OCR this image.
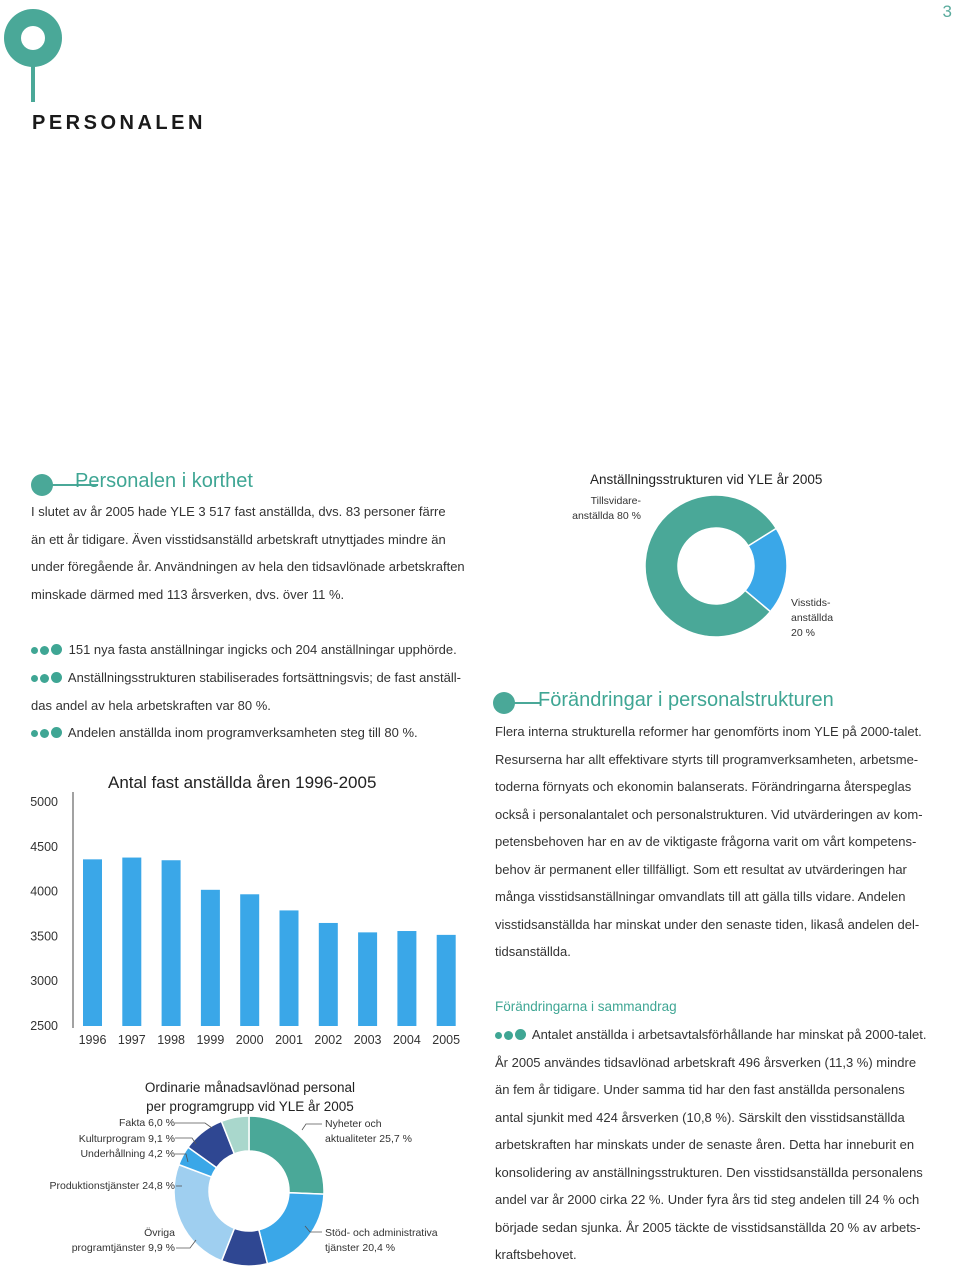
3
PERSONALEN
Personalen i korthet
I slutet av år 2005 hade YLE 3 517 fast anställda, dvs. 83 personer färre
än ett år tidigare. Även visstidsanställd arbetskraft utnyttjades mindre än
under föregående år. Användningen av hela den tidsavlönade arbetskraften
minskade därmed med 113 årsverken, dvs. över 11 %.
151 nya fasta anställningar ingicks och 204 anställningar upphörde.
Anställningsstrukturen stabiliserades fortsättningsvis; de fast anställ-
das andel av hela arbetskraften var 80 %.
Andelen anställda inom programverksamheten steg till 80 %.
Antal fast anställda åren 1996-2005
5000
4500
4000
3500
3000
2500
1996 1997 1998 1999 2000 2001 2002 2003 2004 2005
Anställningsstrukturen vid YLE år 2005
Tillsvidare-
anställda 80 %
Visstids-
anställda
20 %
Ordinarie månadsavlönad personal
per programgrupp vid YLE år 2005
Fakta 6,0 %
Kulturprogram 9,1 %
Underhållning 4,2 %
Produktionstjänster 24,8 %
Övriga
programtjänster 9,9 %
Nyheter och
aktualiteter 25,7 %
Stöd- och administrativa
tjänster 20,4 %
Förändringar i personalstrukturen
Flera interna strukturella reformer har genomförts inom YLE på 2000-talet.
Resurserna har allt effektivare styrts till programverksamheten, arbetsme-
toderna förnyats och ekonomin balanserats. Förändringarna återspeglas
också i personalantalet och personalstrukturen. Vid utvärderingen av kom-
petensbehoven har en av de viktigaste frågorna varit om vårt kompetens-
behov är permanent eller tillfälligt. Som ett resultat av utvärderingen har
många visstidsanställningar omvandlats till att gälla tills vidare. Andelen
visstidsanställda har minskat under den senaste tiden, likaså andelen del-
tidsanställda.
Förändringarna i sammandrag
Antalet anställda i arbetsavtalsförhållande har minskat på 2000-talet.
År 2005 användes tidsavlönad arbetskraft 496 årsverken (11,3 %) mindre
än fem år tidigare. Under samma tid har den fast anställda personalens
antal sjunkit med 424 årsverken (10,8 %). Särskilt den visstidsanställda
arbetskraften har minskats under de senaste åren. Detta har inneburit en
konsolidering av anställningsstrukturen. Den visstidsanställda personalens
andel var år 2000 cirka 22 %. Under fyra års tid steg andelen till 24 % och
började sedan sjunka. År 2005 täckte de visstidsanställda 20 % av arbets-
kraftsbehovet.
